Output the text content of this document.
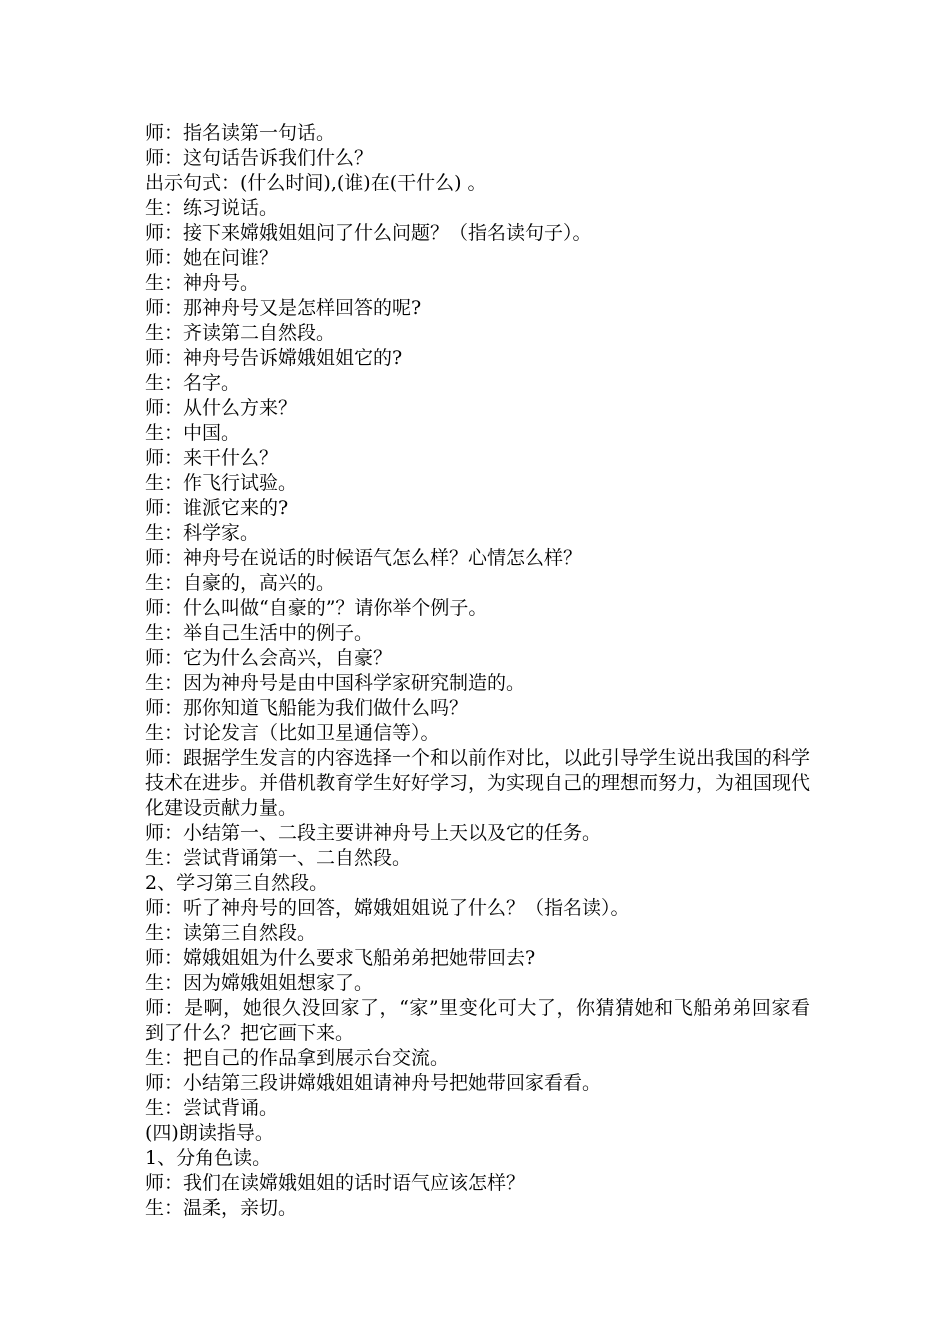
师：指名读第一句话。

师：这句话告诉我们什么？

出示句式：(什么时间),(谁)在(干什么) 。

生：练习说话。

师：接下来嫦娥姐姐问了什么问题？（指名读句子）。

师：她在问谁？

生：神舟号。

师：那神舟号又是怎样回答的呢?

生：齐读第二自然段。

师：神舟号告诉嫦娥姐姐它的?

生：名字。

师：从什么方来？

生：中国。

师：来干什么？

生：作飞行试验。

师：谁派它来的?

生：科学家。

师：神舟号在说话的时候语气怎么样？心情怎么样？

生：自豪的，高兴的。

师：什么叫做“自豪的”？请你举个例子。

生：举自己生活中的例子。

师：它为什么会高兴，自豪？

生：因为神舟号是由中国科学家研究制造的。

师：那你知道飞船能为我们做什么吗？

生：讨论发言（比如卫星通信等）。

师：跟据学生发言的内容选择一个和以前作对比，以此引导学生说出我国的科学技术在进步。并借机教育学生好好学习，为实现自己的理想而努力，为祖国现代化建设贡献力量。

师：小结第一、二段主要讲神舟号上天以及它的任务。

生：尝试背诵第一、二自然段。

2、学习第三自然段。

师：听了神舟号的回答，嫦娥姐姐说了什么？（指名读）。

生：读第三自然段。

师：嫦娥姐姐为什么要求飞船弟弟把她带回去?

生：因为嫦娥姐姐想家了。

师：是啊，她很久没回家了，“家”里变化可大了，你猜猜她和飞船弟弟回家看到了什么？把它画下来。

生：把自己的作品拿到展示台交流。

师：小结第三段讲嫦娥姐姐请神舟号把她带回家看看。

生：尝试背诵。

(四)朗读指导。

1、分角色读。

师：我们在读嫦娥姐姐的话时语气应该怎样？

生：温柔，亲切。
